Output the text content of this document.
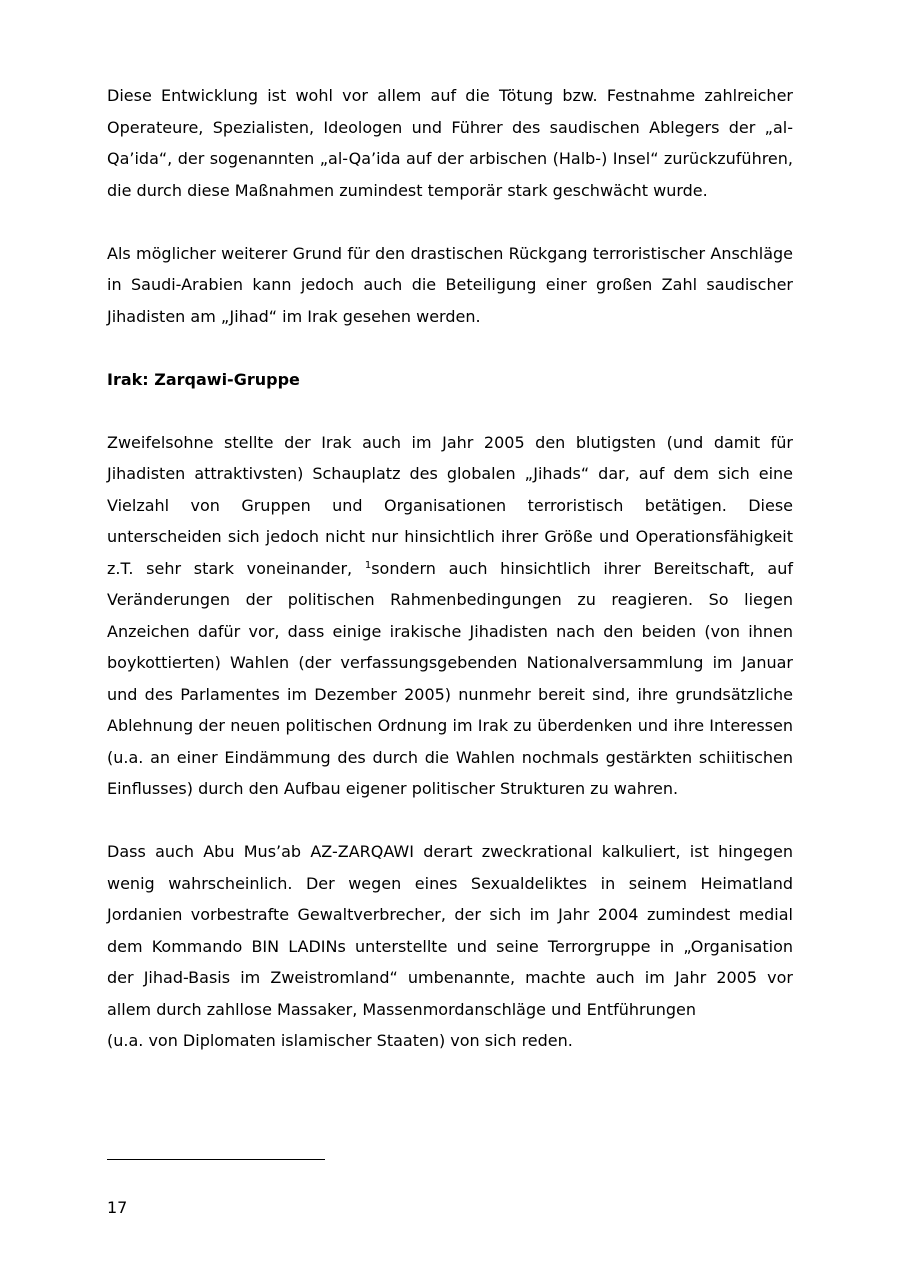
Diese Entwicklung ist wohl vor allem auf die Tötung bzw. Festnahme zahlreicher
Operateure, Spezialisten, Ideologen und Führer des saudischen Ablegers der „al-
Qa’ida“, der sogenannten „al-Qa’ida auf der arbischen (Halb-) Insel“ zurückzuführen,
die durch diese Maßnahmen zumindest temporär stark geschwächt wurde.

Als möglicher weiterer Grund für den drastischen Rückgang terroristischer Anschläge
in Saudi-Arabien kann jedoch auch die Beteiligung einer großen Zahl saudischer
Jihadisten am „Jihad“ im Irak gesehen werden.

Irak: Zarqawi-Gruppe

Zweifelsohne stellte der Irak auch im Jahr 2005 den blutigsten (und damit für
Jihadisten attraktivsten) Schauplatz des globalen „Jihads“ dar, auf dem sich eine
Vielzahl von Gruppen und Organisationen terroristisch betätigen. Diese
unterscheiden sich jedoch nicht nur hinsichtlich ihrer Größe und Operationsfähigkeit
z.T. sehr stark voneinander, $^1$sondern auch hinsichtlich ihrer Bereitschaft, auf
Veränderungen der politischen Rahmenbedingungen zu reagieren. So liegen
Anzeichen dafür vor, dass einige irakische Jihadisten nach den beiden (von ihnen
boykottierten) Wahlen (der verfassungsgebenden Nationalversammlung im Januar
und des Parlamentes im Dezember 2005) nunmehr bereit sind, ihre grundsätzliche
Ablehnung der neuen politischen Ordnung im Irak zu überdenken und ihre Interessen
(u.a. an einer Eindämmung des durch die Wahlen nochmals gestärkten schiitischen
Einflusses) durch den Aufbau eigener politischer Strukturen zu wahren.

Dass auch Abu Mus’ab AZ-ZARQAWI derart zweckrational kalkuliert, ist hingegen
wenig wahrscheinlich. Der wegen eines Sexualdeliktes in seinem Heimatland
Jordanien vorbestrafte Gewaltverbrecher, der sich im Jahr 2004 zumindest medial
dem Kommando BIN LADINs unterstellte und seine Terrorgruppe in „Organisation
der Jihad-Basis im Zweistromland“ umbenannte, machte auch im Jahr 2005 vor
allem durch zahllose Massaker, Massenmordanschläge und Entführungen
(u.a. von Diplomaten islamischer Staaten) von sich reden.

17
